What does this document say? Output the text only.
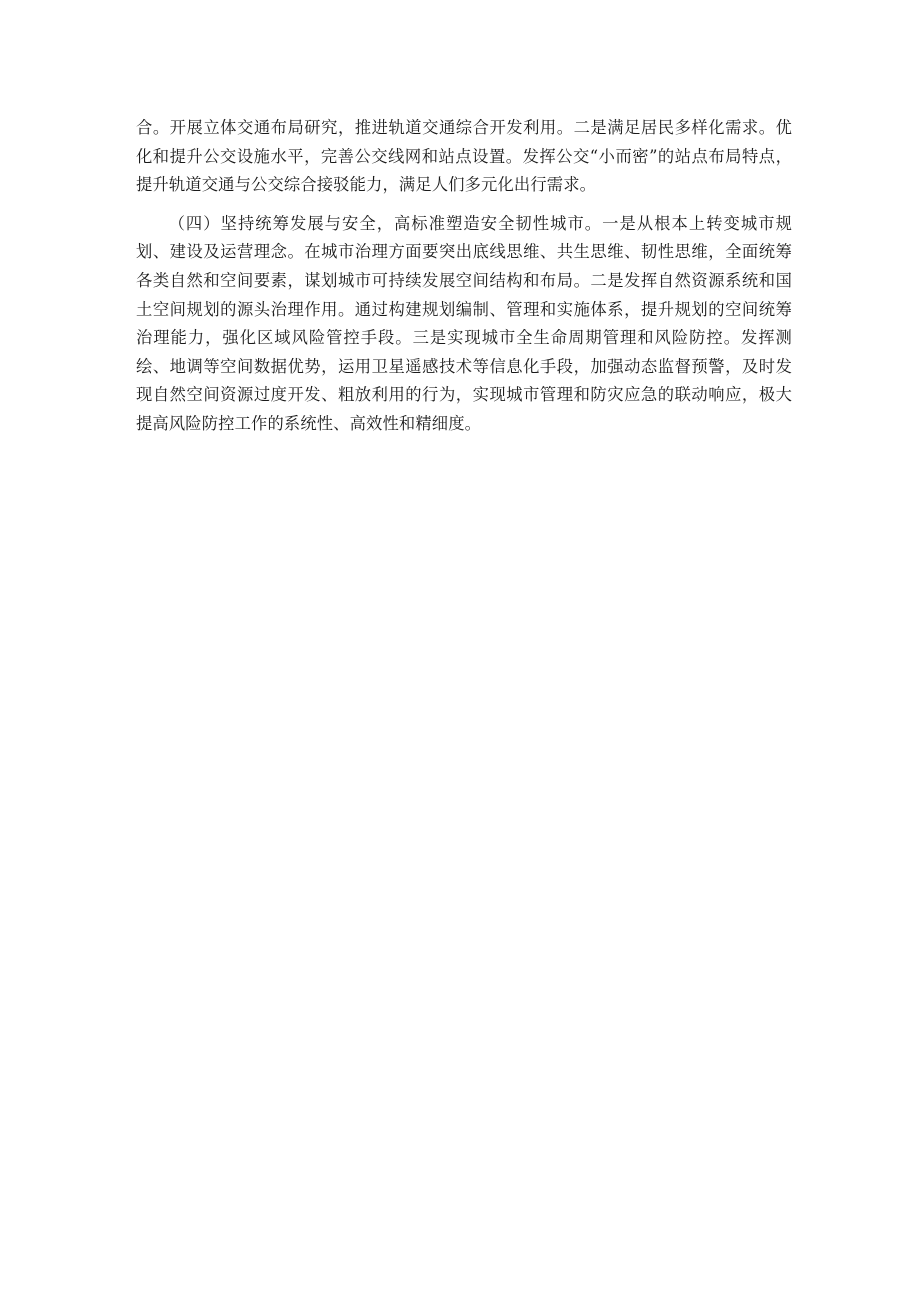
合。开展立体交通布局研究，推进轨道交通综合开发利用。二是满足居民多样化需求。优化和提升公交设施水平，完善公交线网和站点设置。发挥公交“小而密”的站点布局特点，提升轨道交通与公交综合接驳能力，满足人们多元化出行需求。

（四）坚持统筹发展与安全，高标准塑造安全韧性城市。一是从根本上转变城市规划、建设及运营理念。在城市治理方面要突出底线思维、共生思维、韧性思维，全面统筹各类自然和空间要素，谋划城市可持续发展空间结构和布局。二是发挥自然资源系统和国土空间规划的源头治理作用。通过构建规划编制、管理和实施体系，提升规划的空间统筹治理能力，强化区域风险管控手段。三是实现城市全生命周期管理和风险防控。发挥测绘、地调等空间数据优势，运用卫星遥感技术等信息化手段，加强动态监督预警，及时发现自然空间资源过度开发、粗放利用的行为，实现城市管理和防灾应急的联动响应，极大提高风险防控工作的系统性、高效性和精细度。
